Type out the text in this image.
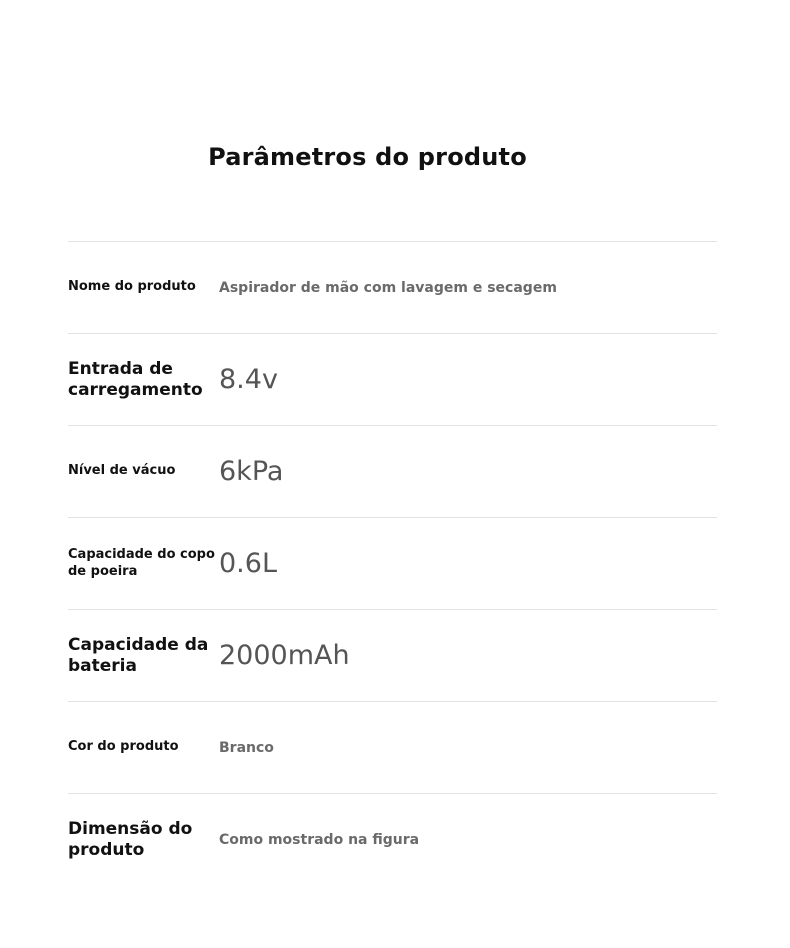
Parâmetros do produto
Nome do produto	Aspirador de mão com lavagem e secagem
Entrada de carregamento 8.4v
Nível de vácuo	6kPa
Capacidade do copo de poeira	0.6L
Capacidade da bateria	2000mAh
Cor do produto	Branco
Dimensão do produto	Como mostrado na figura
